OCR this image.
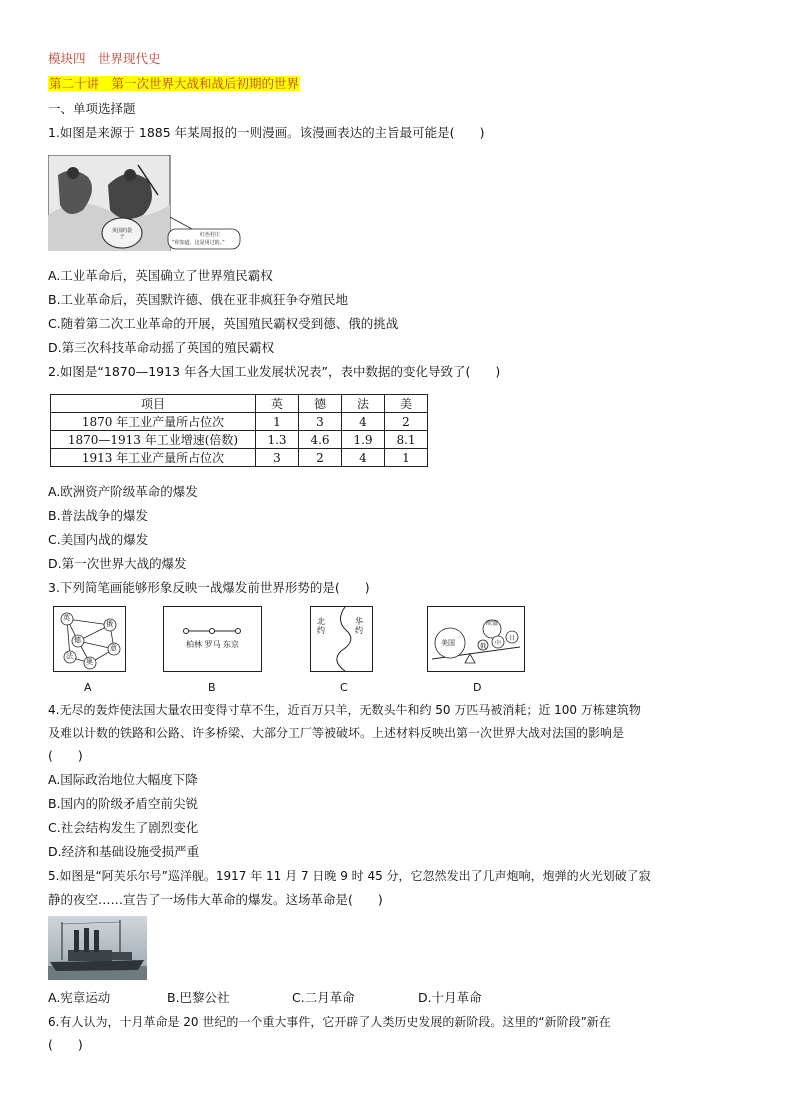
模块四　世界现代史
第二十讲　第一次世界大战和战后初期的世界
一、单项选择题
1.如图是来源于 1885 年某周报的一则漫画。该漫画表达的主旨最可能是(　　)
红色村庄
“你知道，这是用过的。”
英国的袋子
A.工业革命后，英国确立了世界殖民霸权
B.工业革命后，英国默许德、俄在亚非疯狂争夺殖民地
C.随着第二次工业革命的开展，英国殖民霸权受到德、俄的挑战
D.第三次科技革命动摇了英国的殖民霸权
2.如图是“1870—1913 年各大国工业发展状况表”，表中数据的变化导致了(　　)
项目	英	德	法	美
1870 年工业产量所占位次	1	3	4	2
1870—1913 年工业增速(倍数)	1.3	4.6	1.9	8.1
1913 年工业产量所占位次	3	2	4	1
A.欧洲资产阶级革命的爆发
B.普法战争的爆发
C.美国内战的爆发
D.第一次世界大战的爆发
3.下列简笔画能够形象反映一战爆发前世界形势的是(　　)
英
俄
德
意
法
奥
柏林 罗马 东京
北约
华约
美国
欧盟
中
日
俄
A	B	C	D
4.无尽的轰炸使法国大量农田变得寸草不生，近百万只羊，无数头牛和约 50 万匹马被消耗；近 100 万栋建筑物
及难以计数的铁路和公路、许多桥梁、大部分工厂等被破坏。上述材料反映出第一次世界大战对法国的影响是
(　　)
A.国际政治地位大幅度下降
B.国内的阶级矛盾空前尖锐
C.社会结构发生了剧烈变化
D.经济和基础设施受损严重
5.如图是“阿芙乐尔号”巡洋舰。1917 年 11 月 7 日晚 9 时 45 分，它忽然发出了几声炮响，炮弹的火光划破了寂
静的夜空……宣告了一场伟大革命的爆发。这场革命是(　　)
A.宪章运动	B.巴黎公社	C.二月革命	D.十月革命
6.有人认为，十月革命是 20 世纪的一个重大事件，它开辟了人类历史发展的新阶段。这里的“新阶段”新在
(　　)
